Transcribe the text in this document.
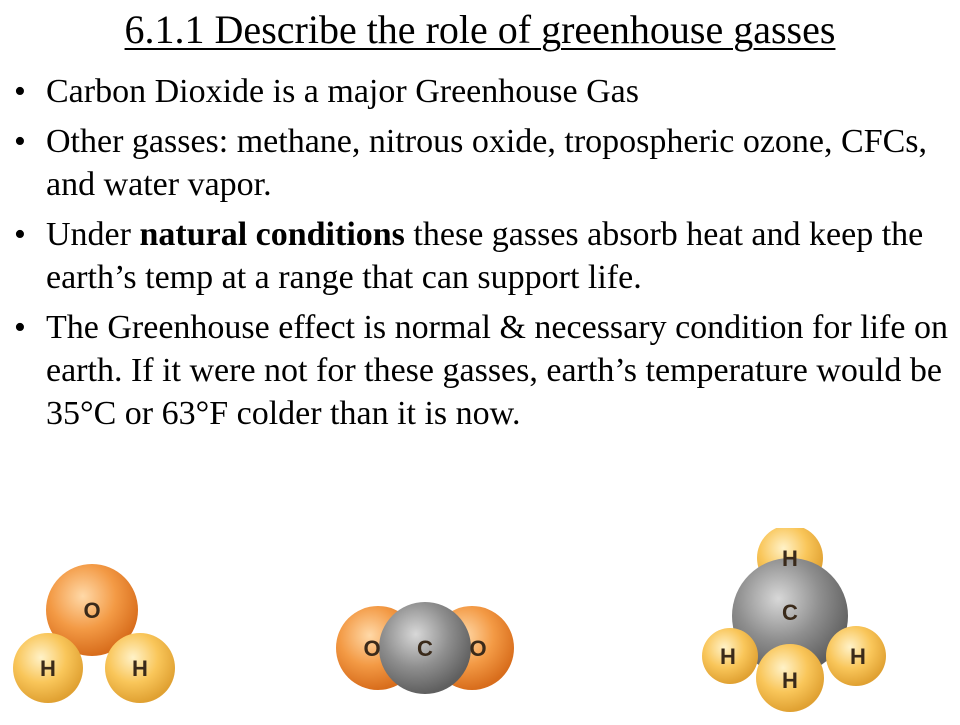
6.1.1 Describe the role of greenhouse gasses
• Carbon Dioxide is a major Greenhouse Gas
• Other gasses: methane, nitrous oxide, tropospheric ozone, CFCs, and water vapor.
• Under natural conditions these gasses absorb heat and keep the earth’s temp at a range that can support life.
• The Greenhouse effect is normal & necessary condition for life on earth. If it were not for these gasses, earth’s temperature would be 35°C or 63°F colder than it is now.
O
H	H
O C O
H
C
H	H
H
